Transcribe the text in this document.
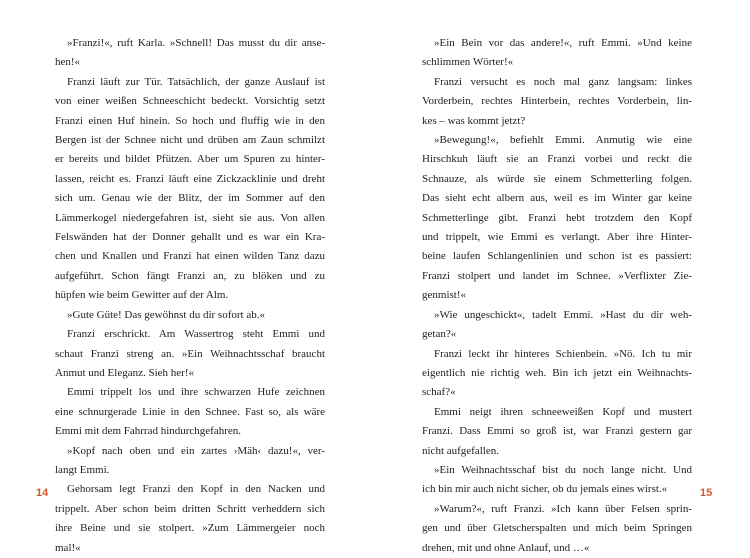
»Franzi!«, ruft Karla. »Schnell! Das musst du dir anse-
hen!«
Franzi läuft zur Tür. Tatsächlich, der ganze Auslauf ist
von einer weißen Schneeschicht bedeckt. Vorsichtig setzt
Franzi einen Huf hinein. So hoch und fluffig wie in den
Bergen ist der Schnee nicht und drüben am Zaun schmilzt
er bereits und bildet Pfützen. Aber um Spuren zu hinter-
lassen, reicht es. Franzi läuft eine Zickzacklinie und dreht
sich um. Genau wie der Blitz, der im Sommer auf den
Lämmerkogel niedergefahren ist, sieht sie aus. Von allen
Felswänden hat der Donner gehallt und es war ein Kra-
chen und Knallen und Franzi hat einen wilden Tanz dazu
aufgeführt. Schon fängt Franzi an, zu blöken und zu
hüpfen wie beim Gewitter auf der Alm.
»Gute Güte! Das gewöhnst du dir sofort ab.«
Franzi erschrickt. Am Wassertrog steht Emmi und
schaut Franzi streng an. »Ein Weihnachtsschaf braucht
Anmut und Eleganz. Sieh her!«
Emmi trippelt los und ihre schwarzen Hufe zeichnen
eine schnurgerade Linie in den Schnee. Fast so, als wäre
Emmi mit dem Fahrrad hindurchgefahren.
»Kopf nach oben und ein zartes ›Mäh‹ dazu!«, ver-
langt Emmi.
Gehorsam legt Franzi den Kopf in den Nacken und
trippelt. Aber schon beim dritten Schritt verheddern sich
ihre Beine und sie stolpert. »Zum Lämmergeier noch
mal!«
»Ein Bein vor das andere!«, ruft Emmi. »Und keine
schlimmen Wörter!«
Franzi versucht es noch mal ganz langsam: linkes
Vorderbein, rechtes Hinterbein, rechtes Vorderbein, lin-
kes – was kommt jetzt?
»Bewegung!«, befiehlt Emmi. Anmutig wie eine
Hirschkuh läuft sie an Franzi vorbei und reckt die
Schnauze, als würde sie einem Schmetterling folgen.
Das sieht echt albern aus, weil es im Winter gar keine
Schmetterlinge gibt. Franzi hebt trotzdem den Kopf
und trippelt, wie Emmi es verlangt. Aber ihre Hinter-
beine laufen Schlangenlinien und schon ist es passiert:
Franzi stolpert und landet im Schnee. »Verflixter Zie-
genmist!«
»Wie ungeschickt«, tadelt Emmi. »Hast du dir weh-
getan?«
Franzi leckt ihr hinteres Schienbein. »Nö. Ich tu mir
eigentlich nie richtig weh. Bin ich jetzt ein Weihnachts-
schaf?«
Emmi neigt ihren schneeweißen Kopf und mustert
Franzi. Dass Emmi so groß ist, war Franzi gestern gar
nicht aufgefallen.
»Ein Weihnachtsschaf bist du noch lange nicht. Und
ich bin mir auch nicht sicher, ob du jemals eines wirst.«
»Warum?«, ruft Franzi. »Ich kann über Felsen sprin-
gen und über Gletscherspalten und mich beim Springen
drehen, mit und ohne Anlauf, und …«
14	15
